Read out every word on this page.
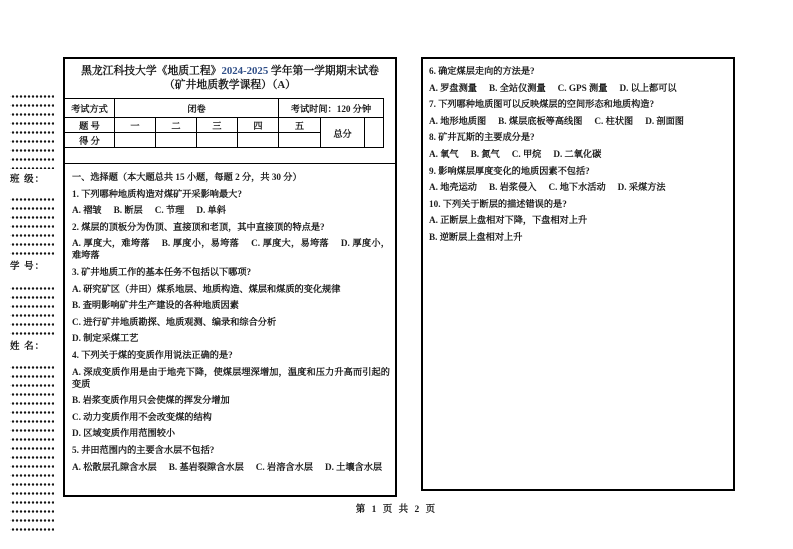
班 级：
学 号：
姓 名：
黑龙江科技大学《地质工程》2024-2025 学年第一学期期末试卷（矿井地质教学课程）（A）
考试方式	闭卷				考试时间：120 分钟		
题 号	一	二	三	四	五	总分	
得 分							
一、选择题（本大题总共 15 小题，每题 2 分，共 30 分）
1. 下列哪种地质构造对煤矿开采影响最大?
A. 褶皱 B. 断层 C. 节理 D. 单斜
2. 煤层的顶板分为伪顶、直接顶和老顶，其中直接顶的特点是?
A. 厚度大，难垮落 B. 厚度小，易垮落 C. 厚度大，易垮落 D. 厚度小，难垮落
3. 矿井地质工作的基本任务不包括以下哪项?
A. 研究矿区（井田）煤系地层、地质构造、煤层和煤质的变化规律
B. 查明影响矿井生产建设的各种地质因素
C. 进行矿井地质勘探、地质观测、编录和综合分析
D. 制定采煤工艺
4. 下列关于煤的变质作用说法正确的是?
A. 深成变质作用是由于地壳下降，使煤层埋深增加，温度和压力升高而引起的变质
B. 岩浆变质作用只会使煤的挥发分增加
C. 动力变质作用不会改变煤的结构
D. 区域变质作用范围较小
5. 井田范围内的主要含水层不包括?
A. 松散层孔隙含水层 B. 基岩裂隙含水层 C. 岩溶含水层 D. 土壤含水层
6. 确定煤层走向的方法是?
A. 罗盘测量 B. 全站仪测量 C. GPS 测量 D. 以上都可以
7. 下列哪种地质图可以反映煤层的空间形态和地质构造?
A. 地形地质图 B. 煤层底板等高线图 C. 柱状图 D. 剖面图
8. 矿井瓦斯的主要成分是?
A. 氧气 B. 氮气 C. 甲烷 D. 二氧化碳
9. 影响煤层厚度变化的地质因素不包括?
A. 地壳运动 B. 岩浆侵入 C. 地下水活动 D. 采煤方法
10. 下列关于断层的描述错误的是?
A. 正断层上盘相对下降，下盘相对上升
B. 逆断层上盘相对上升
第 1 页 共 2 页
